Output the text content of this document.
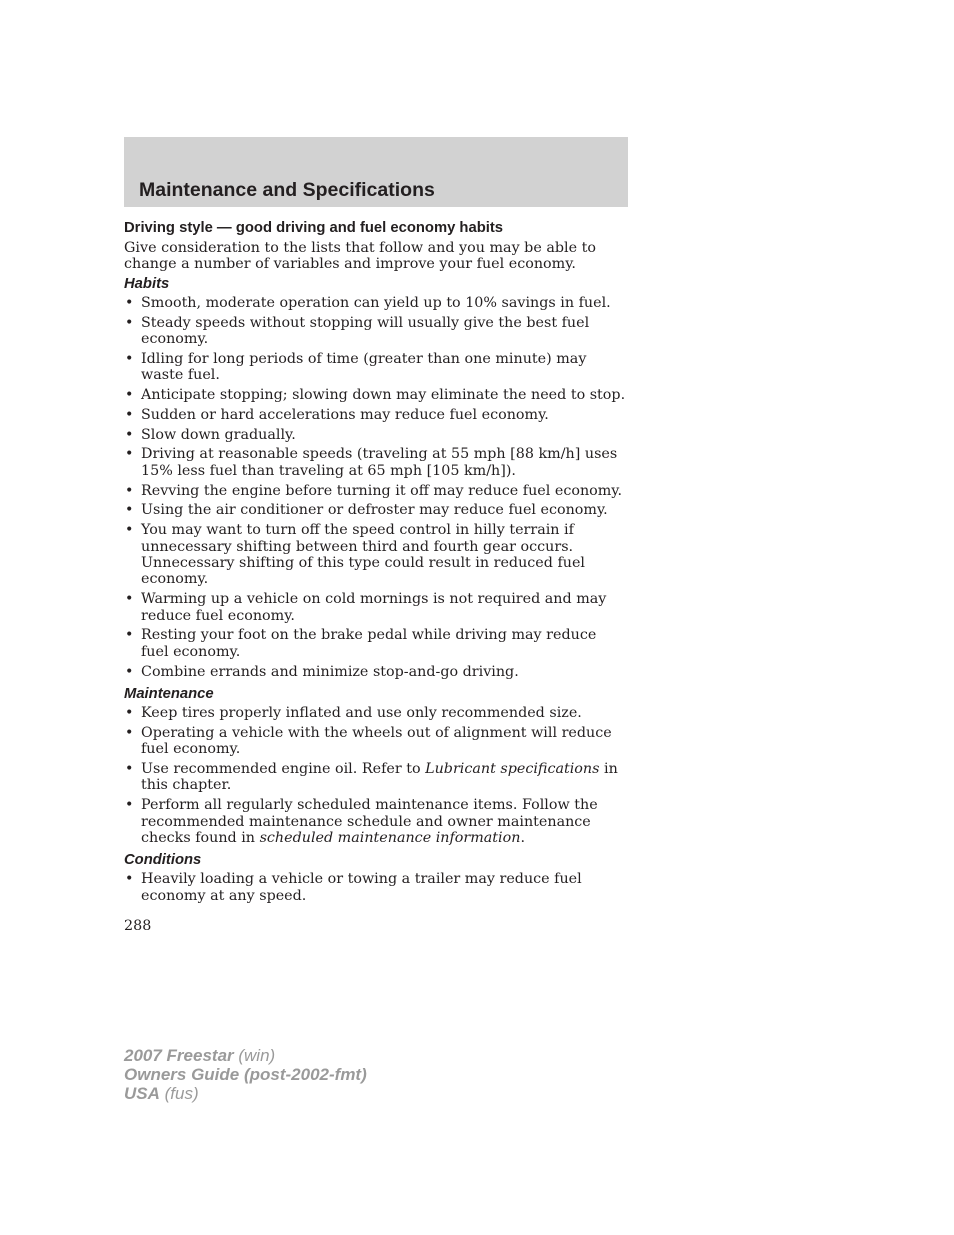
Maintenance and Specifications
Driving style — good driving and fuel economy habits

Give consideration to the lists that follow and you may be able to change a number of variables and improve your fuel economy.

Habits
• Smooth, moderate operation can yield up to 10% savings in fuel.
• Steady speeds without stopping will usually give the best fuel economy.
• Idling for long periods of time (greater than one minute) may waste fuel.
• Anticipate stopping; slowing down may eliminate the need to stop.
• Sudden or hard accelerations may reduce fuel economy.
• Slow down gradually.
• Driving at reasonable speeds (traveling at 55 mph [88 km/h] uses 15% less fuel than traveling at 65 mph [105 km/h]).
• Revving the engine before turning it off may reduce fuel economy.
• Using the air conditioner or defroster may reduce fuel economy.
• You may want to turn off the speed control in hilly terrain if unnecessary shifting between third and fourth gear occurs. Unnecessary shifting of this type could result in reduced fuel economy.
• Warming up a vehicle on cold mornings is not required and may reduce fuel economy.
• Resting your foot on the brake pedal while driving may reduce fuel economy.
• Combine errands and minimize stop-and-go driving.
Maintenance
• Keep tires properly inflated and use only recommended size.
• Operating a vehicle with the wheels out of alignment will reduce fuel economy.
• Use recommended engine oil. Refer to Lubricant specifications in this chapter.
• Perform all regularly scheduled maintenance items. Follow the recommended maintenance schedule and owner maintenance checks found in scheduled maintenance information.
Conditions
• Heavily loading a vehicle or towing a trailer may reduce fuel economy at any speed.
288
2007 Freestar (win)
Owners Guide (post-2002-fmt)
USA (fus)
